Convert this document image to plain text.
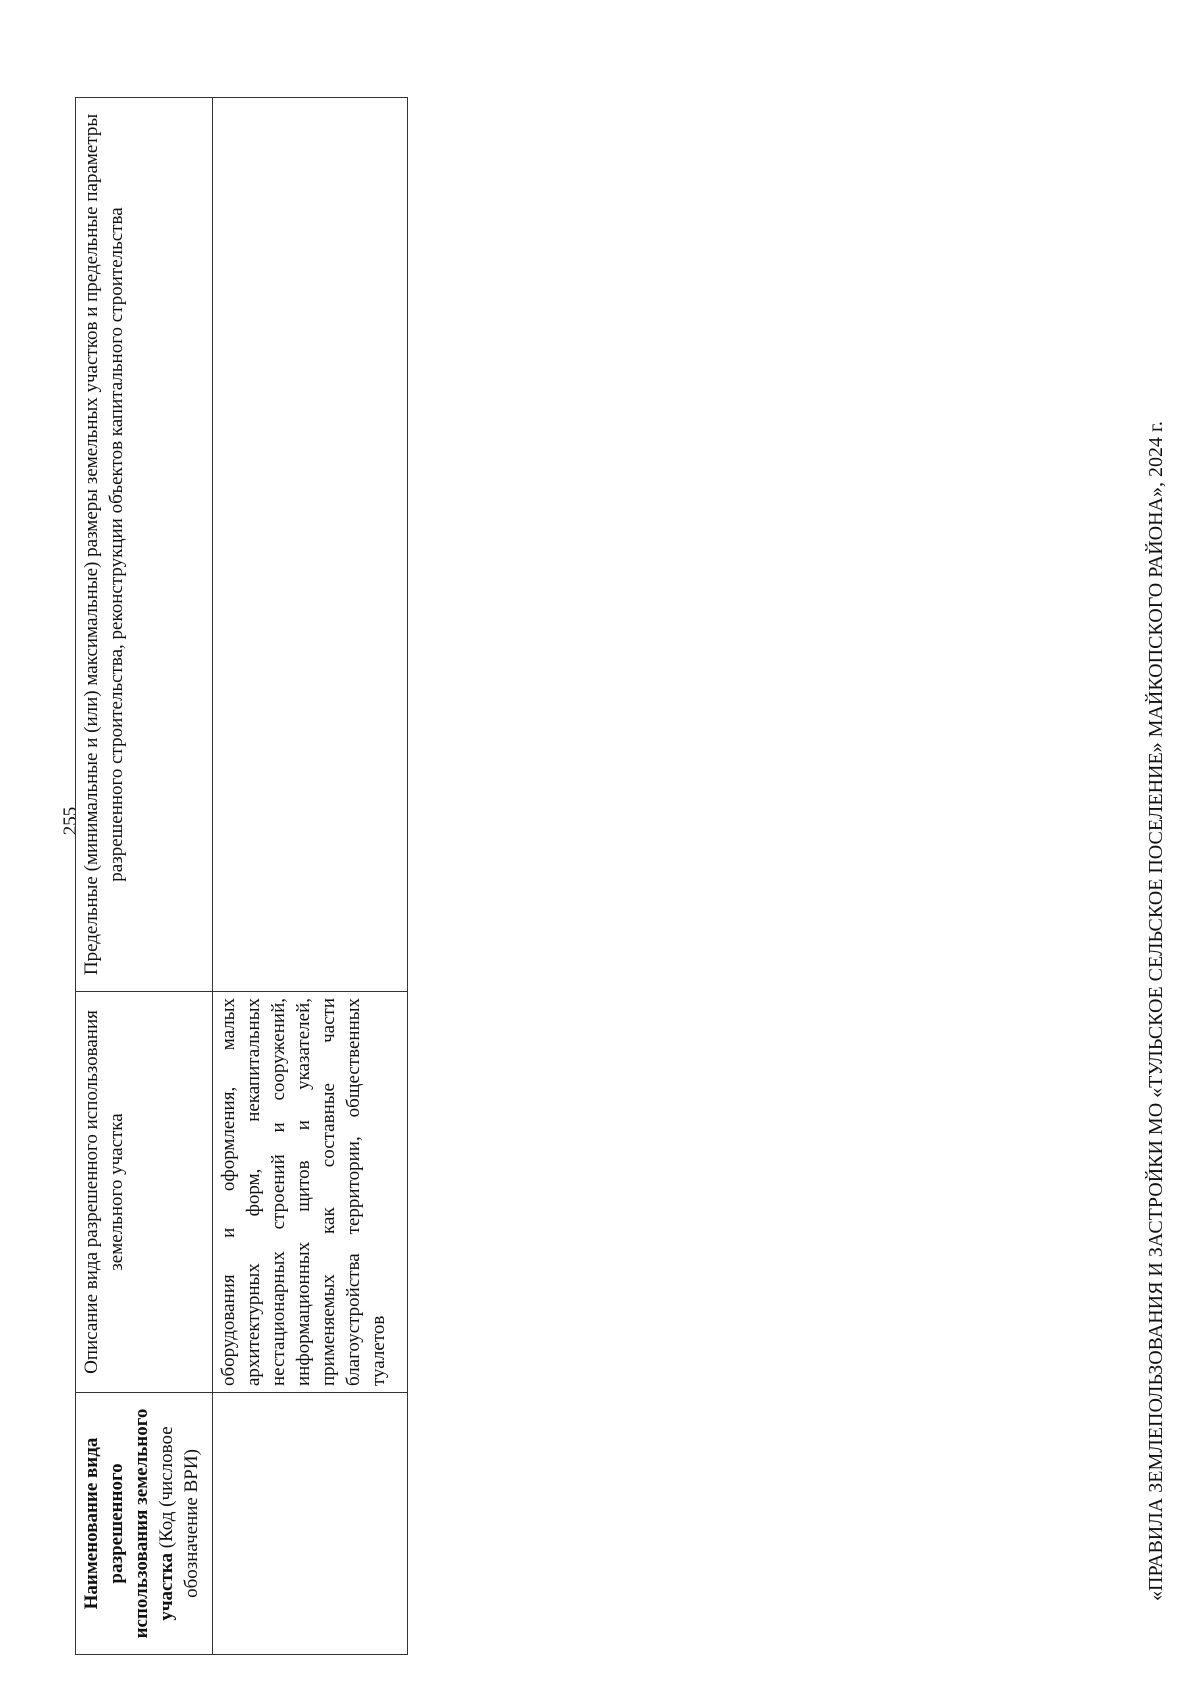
255
Наименование вида разрешенного использования земельного участка (Код (числовое обозначение ВРИ)	Описание вида разрешенного использования земельного участка	Предельные (минимальные и (или) максимальные) размеры земельных участков и предельные параметры разрешенного строительства, реконструкции объектов капитального строительства

	оборудования и оформления, малых архитектурных форм, некапитальных нестационарных строений и сооружений, информационных щитов и указателей, применяемых как составные части благоустройства территории, общественных туалетов	

		«ПРАВИЛА ЗЕМЛЕПОЛЬЗОВАНИЯ И ЗАСТРОЙКИ МО «ТУЛЬСКОЕ СЕЛЬСКОЕ ПОСЕЛЕНИЕ» МАЙКОПСКОГО РАЙОНА», 2024 г.
